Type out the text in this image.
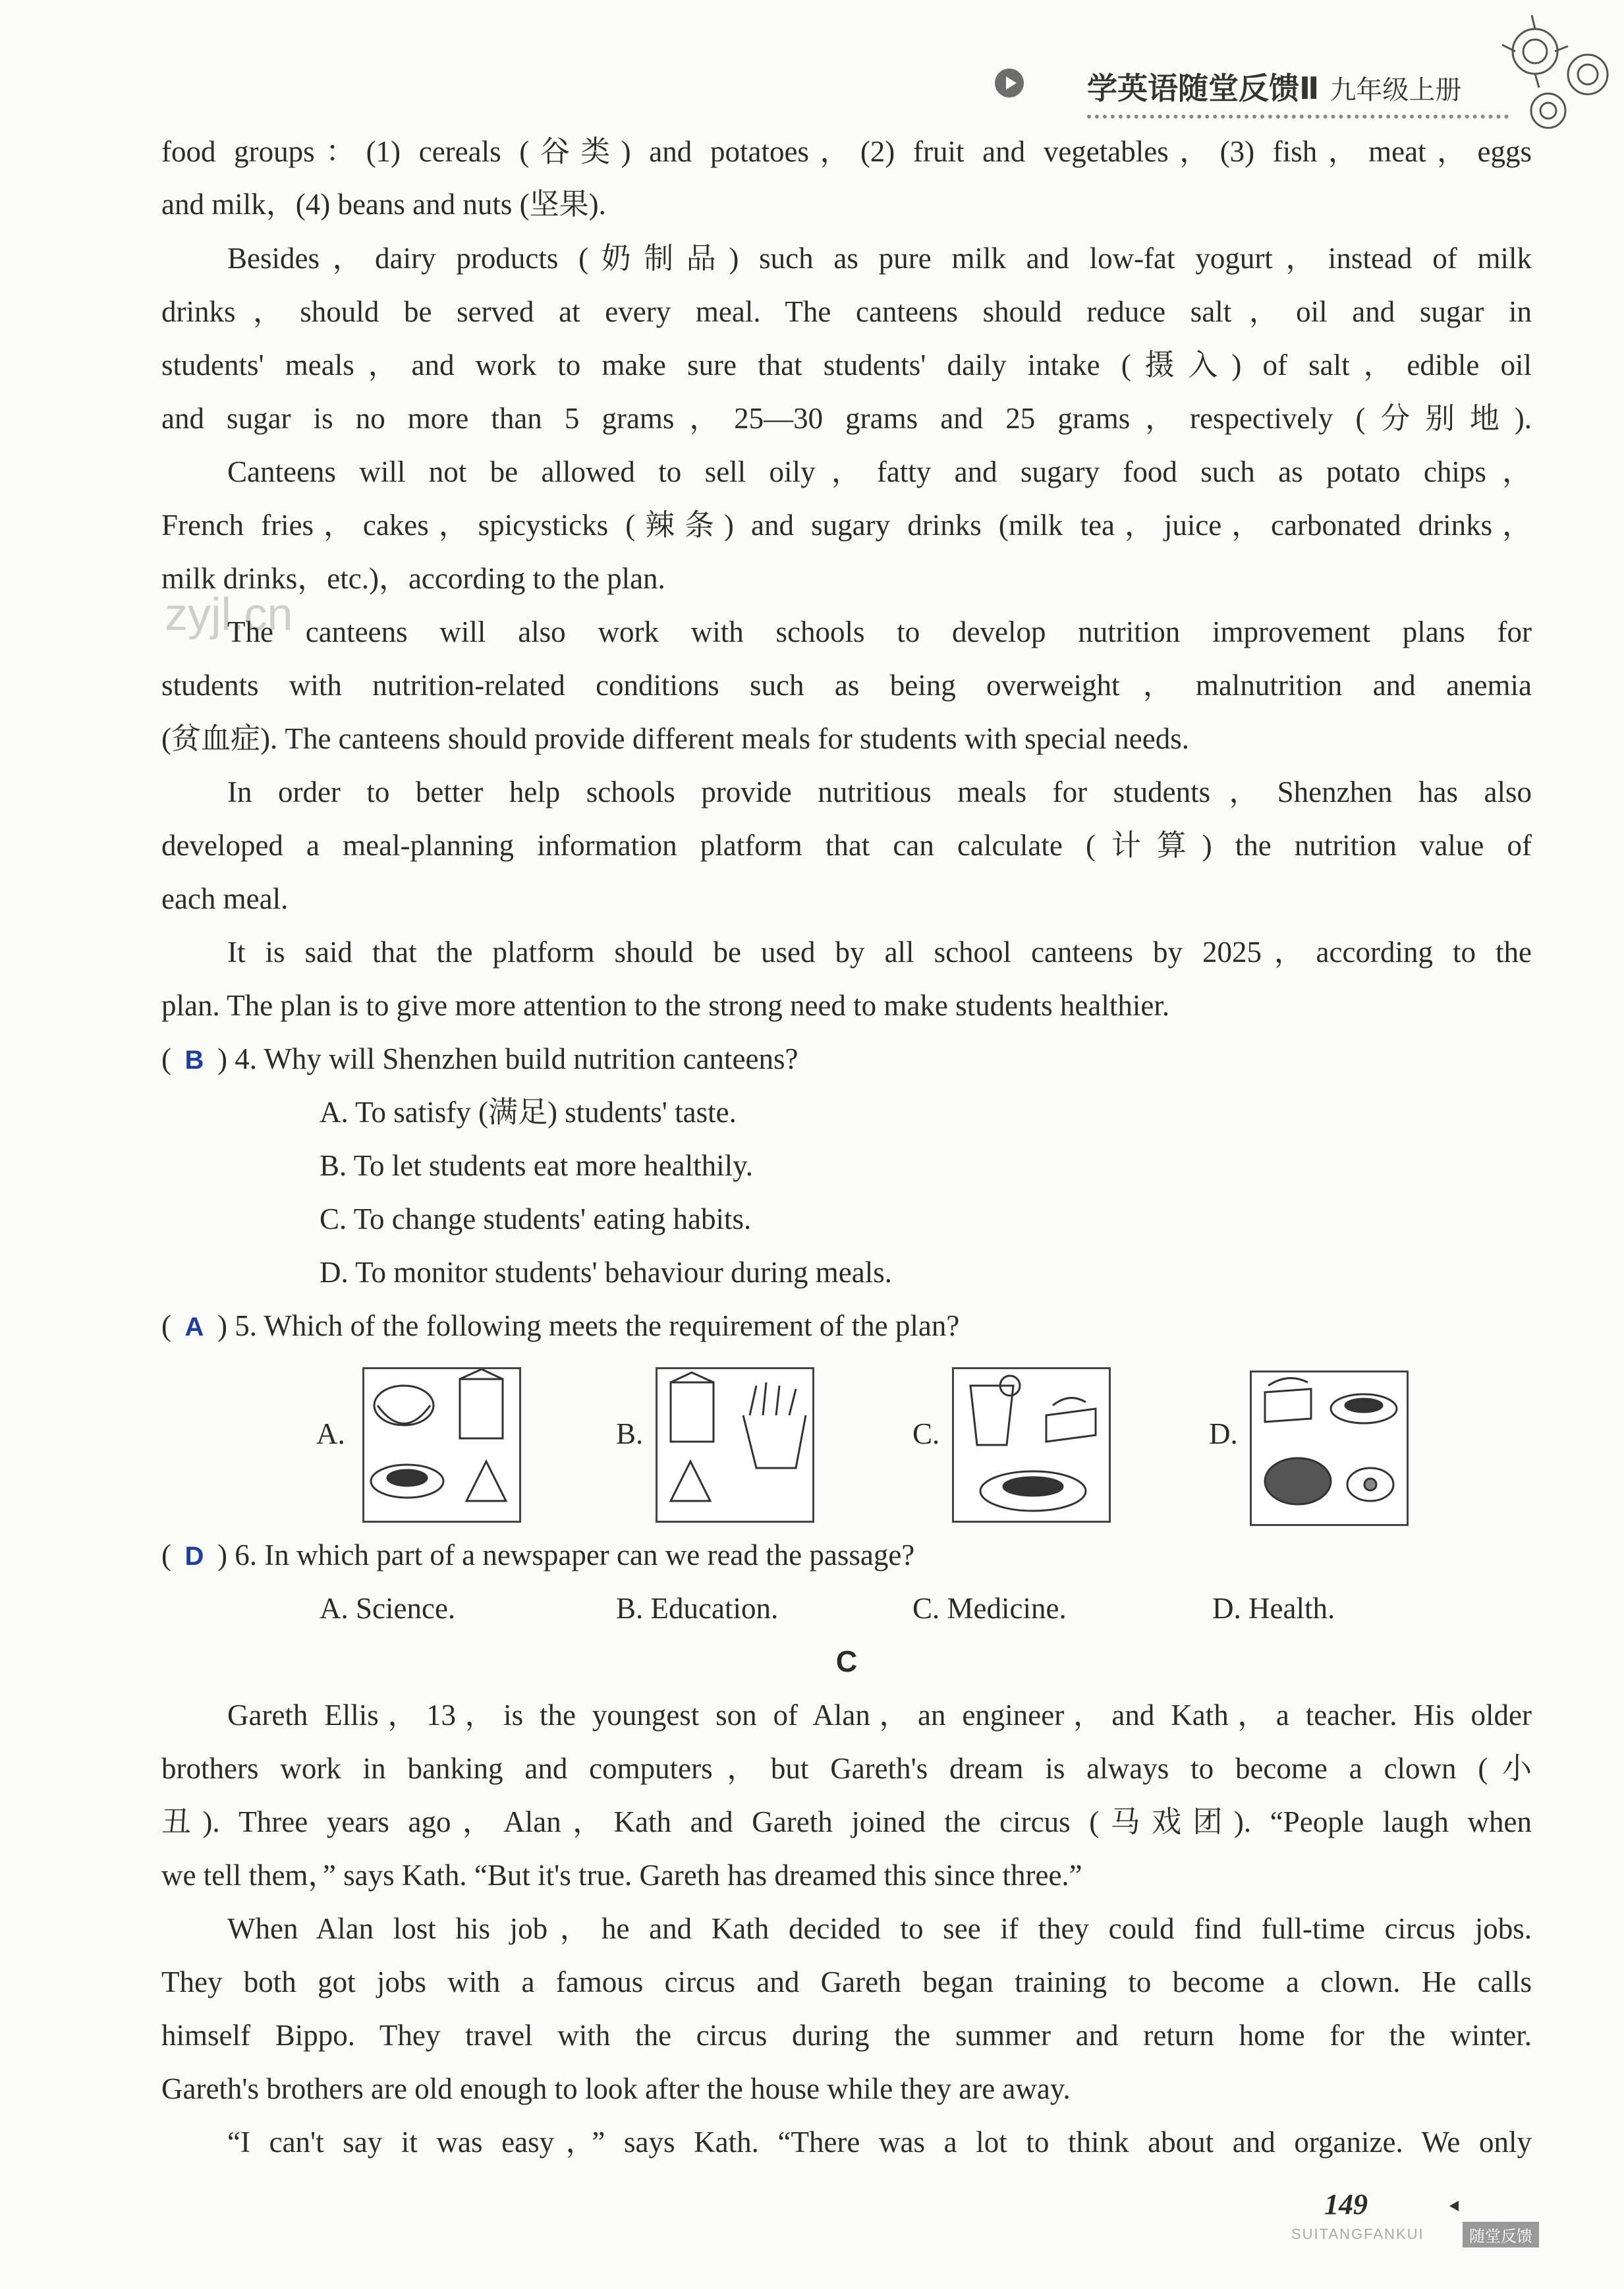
学英语随堂反馈Ⅱ 九年级上册
zyjl.cn
food groups：(1) cereals (谷类) and potatoes，(2) fruit and vegetables，(3) fish，meat，eggs
and milk，(4) beans and nuts (坚果).
Besides，dairy products (奶制品) such as pure milk and low-fat yogurt，instead of milk
drinks，should be served at every meal. The canteens should reduce salt，oil and sugar in
students' meals，and work to make sure that students' daily intake (摄入) of salt，edible oil
and sugar is no more than 5 grams，25—30 grams and 25 grams，respectively (分别地).
Canteens will not be allowed to sell oily，fatty and sugary food such as potato chips，
French fries，cakes，spicysticks (辣条) and sugary drinks (milk tea，juice，carbonated drinks，
milk drinks，etc.)，according to the plan.
The canteens will also work with schools to develop nutrition improvement plans for
students with nutrition-related conditions such as being overweight，malnutrition and anemia
(贫血症). The canteens should provide different meals for students with special needs.
In order to better help schools provide nutritious meals for students，Shenzhen has also
developed a meal-planning information platform that can calculate (计算) the nutrition value of
each meal.
It is said that the platform should be used by all school canteens by 2025，according to the
plan. The plan is to give more attention to the strong need to make students healthier.
( B ) 4. Why will Shenzhen build nutrition canteens?
A. To satisfy (满足) students' taste.
B. To let students eat more healthily.
C. To change students' eating habits.
D. To monitor students' behaviour during meals.
( A ) 5. Which of the following meets the requirement of the plan?
A.	B.	C.	D.
( D ) 6. In which part of a newspaper can we read the passage?
A. Science.	B. Education.	C. Medicine.	D. Health.
C
Gareth Ellis，13，is the youngest son of Alan，an engineer，and Kath，a teacher. His older
brothers work in banking and computers，but Gareth's dream is always to become a clown (小
丑). Three years ago，Alan，Kath and Gareth joined the circus (马戏团). “People laugh when
we tell them，” says Kath. “But it's true. Gareth has dreamed this since three.”
When Alan lost his job，he and Kath decided to see if they could find full-time circus jobs.
They both got jobs with a famous circus and Gareth began training to become a clown. He calls
himself Bippo. They travel with the circus during the summer and return home for the winter.
Gareth's brothers are old enough to look after the house while they are away.
“I can't say it was easy，” says Kath. “There was a lot to think about and organize. We only
149
SUITANGFANKUI	随堂反馈
